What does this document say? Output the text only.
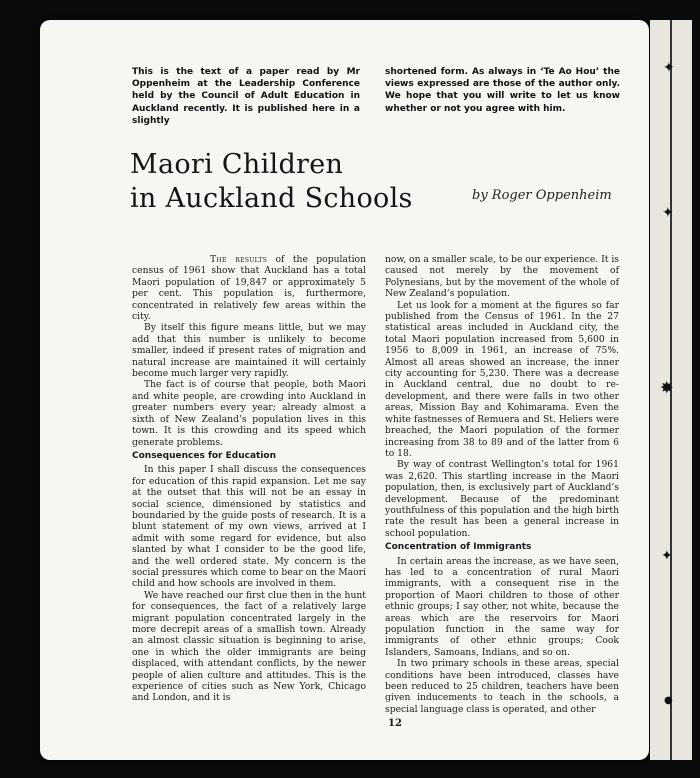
This is the text of a paper read by Mr Oppenheim at the Leadership Conference held by the Council of Adult Education in Auckland recently. It is published here in a slightly
shortened form. As always in ‘Te Ao Hou’ the views expressed are those of the author only. We hope that you will write to let us know whether or not you agree with him.
Maori Children
in Auckland Schools	by Roger Oppenheim

The results of the population census of 1961 show that Auckland has a total Maori population of 19,847 or approximately 5 per cent. This population is, furthermore, concentrated in relatively few areas within the city.

By itself this figure means little, but we may add that this number is unlikely to become smaller, indeed if present rates of migration and natural increase are maintained it will certainly become much larger very rapidly.

The fact is of course that people, both Maori and white people, are crowding into Auckland in greater numbers every year; already almost a sixth of New Zealand’s population lives in this town. It is this crowding and its speed which generate problems.

Consequences for Education

In this paper I shall discuss the consequences for education of this rapid expansion. Let me say at the outset that this will not be an essay in social science, dimensioned by statistics and boundaried by the guide posts of research. It is a blunt statement of my own views, arrived at I admit with some regard for evidence, but also slanted by what I consider to be the good life, and the well ordered state. My concern is the social pressures which come to bear on the Maori child and how schools are involved in them.

We have reached our first clue then in the hunt for consequences, the fact of a relatively large migrant population concentrated largely in the more decrepit areas of a smallish town. Already an almost classic situation is beginning to arise, one in which the older immigrants are being displaced, with attendant conflicts, by the newer people of alien culture and attitudes. This is the experience of cities such as New York, Chicago and London, and it is

now, on a smaller scale, to be our experience. It is caused not merely by the movement of Polynesians, but by the movement of the whole of New Zealand’s population.

Let us look for a moment at the figures so far published from the Census of 1961. In the 27 statistical areas included in Auckland city, the total Maori population increased from 5,600 in 1956 to 8,009 in 1961, an increase of 75%. Almost all areas showed an increase, the inner city accounting for 5,230. There was a decrease in Auckland central, due no doubt to re-development, and there were falls in two other areas, Mission Bay and Kohimarama. Even the white fastnesses of Remuera and St. Heliers were breached, the Maori population of the former increasing from 38 to 89 and of the latter from 6 to 18.

By way of contrast Wellington’s total for 1961 was 2,620. This startling increase in the Maori population, then, is exclusively part of Auckland’s development. Because of the predominant youthfulness of this population and the high birth rate the result has been a general increase in school population.

Concentration of Immigrants

In certain areas the increase, as we have seen, has led to a concentration of rural Maori immigrants, with a consequent rise in the proportion of Maori children to those of other ethnic groups; I say other, not white, because the areas which are the reservoirs for Maori population function in the same way for immigrants of other ethnic groups; Cook Islanders, Samoans, Indians, and so on.

In two primary schools in these areas, special conditions have been introduced, classes have been reduced to 25 children, teachers have been given inducements to teach in the schools, a special language class is operated, and other

12
✦
✦
✸
✦
●
